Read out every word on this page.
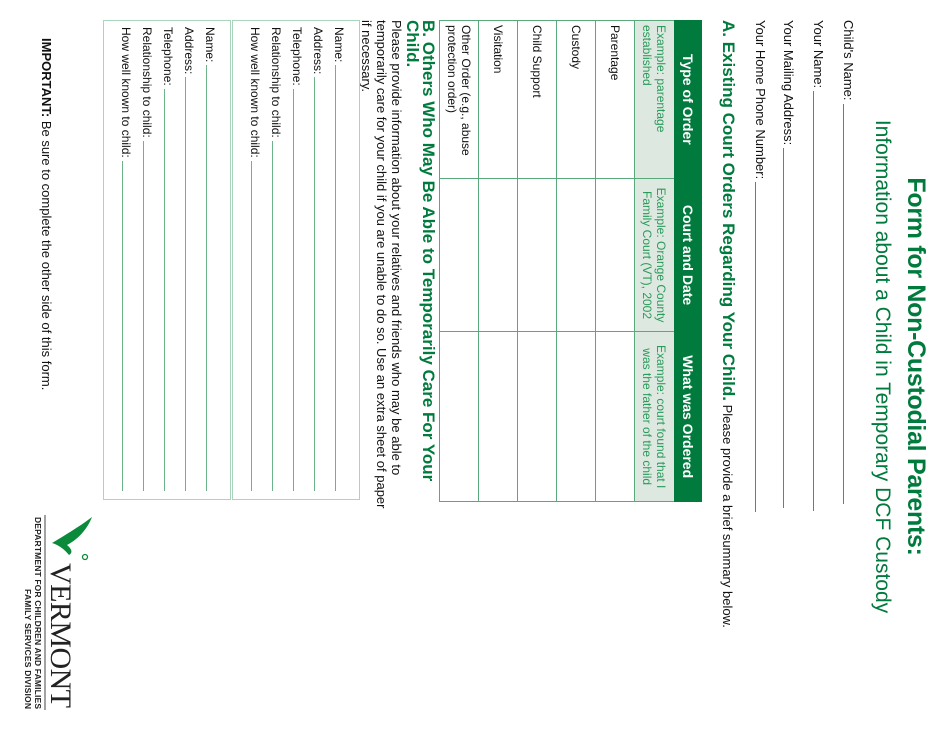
Form for Non-Custodial Parents:
Information about a Child in Temporary DCF Custody
Child's Name:
Your Name:
Your Mailing Address:
Your Home Phone Number:
A. Existing Court Orders Regarding Your Child. Please provide a brief summary below.
Type of Order	Court and Date	What was Ordered
Example: parentage established	Example: Orange County Family Court (VT), 2002	Example: court found that I was the father of the child
Parentage		
Custody		
Child Support		
Visitation		
Other Order (e.g., abuse protection order)		
B. Others Who May Be Able to Temporarily Care For Your Child.
Please provide information about your relatives and friends who may be able to temporarily care for your child if you are unable to do so. Use an extra sheet of paper if necessary.
Name:
Address:
Telephone:
Relationship to child:
How well known to child:
Name:
Address:
Telephone:
Relationship to child:
How well known to child:
IMPORTANT: Be sure to complete the other side of this form.
VERMONT
DEPARTMENT FOR CHILDREN AND FAMILIES
FAMILY SERVICES DIVISION
